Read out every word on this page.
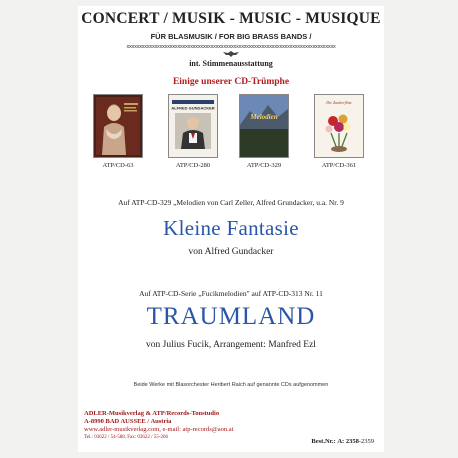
CONCERT / MUSIK - MUSIC - MUSIQUE
FÜR BLASMUSIK / FOR BIG BRASS BANDS /
xxxxxxxxxxxxxxxxxxxxxxxxxxxxxxxxxxxxxxxxxxxxxxxxxxxxxxxxxxxxxxxxxxxxxxxxxxxxxxxxxx
int. Stimmenausstattung
Einige unserer CD-Trümphe
ATP/CD-63
ALFRED GUNDACKER
ATP/CD-280
Melodien
ATP/CD-329
Die Zauberflöte
ATP/CD-361
Auf ATP-CD-329 „Melodien von Carl Zeller, Alfred Grundacker, u.a. Nr. 9
Kleine Fantasie
von Alfred Gundacker
Auf ATP-CD-Serie „Fucikmelodien" auf ATP-CD-313 Nr. 11
TRAUMLAND
von Julius Fucik, Arrangement: Manfred Ezl
Beide Werke mit Blasorchester Heribert Raich auf genannte CDs aufgenommen
ADLER-Musikverlag & ATP/Records-Tonstudio
A-8990 BAD AUSSEE / Austria
www.adler-musikverlag.com, e-mail: atp-records@aon.at
Tel.: 03622 / 54-588, Fax: 03622 / 55-266
Best.Nr.: A: 2358-2359
